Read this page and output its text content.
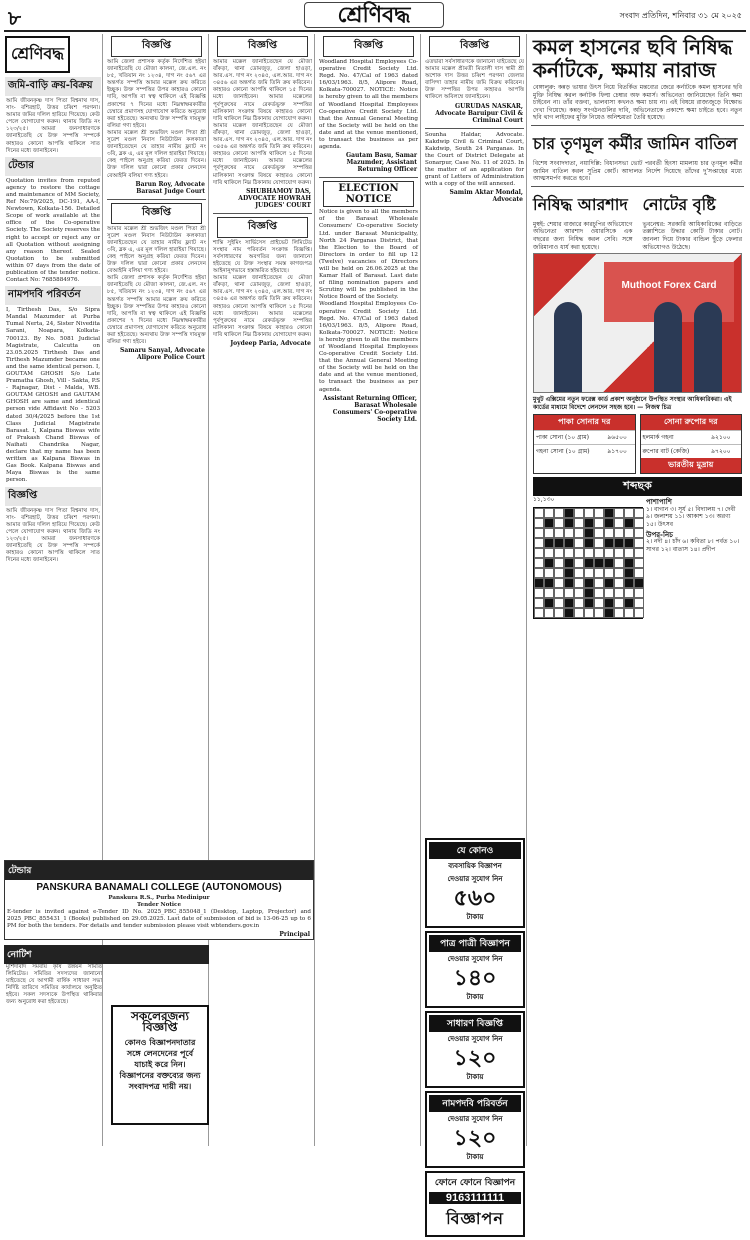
৮	শ্রেণিবদ্ধ	সংবাদ প্রতিদিন, শনিবার ৩১ মে ২০২৫
শ্রেণিবদ্ধ
জমি-বাড়ি ক্রয়-বিক্রয়
আমি জীবনকৃষ্ণ দাস পিতা বিশ্বনাথ দাস, সাং- বশিরহাট, উত্তর চব্বিশ পরগনা। আমার জমির দলিল হারিয়ে গিয়েছে। কেউ পেলে যোগাযোগ করুন। থানায় জিডি নং ১২৩/২৫। আমরা জনসাধারণকে জানাইতেছি যে উক্ত সম্পত্তি সম্পর্কে কাহারও কোনো আপত্তি থাকিলে সাত দিনের মধ্যে জানাইবেন।
টেন্ডার
Quotation invites from reputed agency to restore the cottage and maintenance of MM Society, Ref No:79/2025, DC-191, AA-I, Newtown, Kolkata-156. Detailed Scope of work available at the office of the Co-operative Society. The Society reserves the right to accept or reject any or all Quotation without assigning any reason thereof. Sealed Quotation to be submitted within 07 days from the date of publication of the tender notice. Contact No: 7685884976.
নামপদবি পরিবর্তন
I, Tirthesh Das, S/o Sipra Mandal Mazumder at Purba Tumal Nerta, 24, Sister Nivedita Sarani, Noapara, Kolkata-700123. By No. 5081 Judicial Magistrate, Calcutta on 23.05.2025 Tirthesh Das and Tirthesh Mazumder became one and the same identical person. I, GOUTAM GHOSH S/o Late Pramatha Ghosh, Vill - Sakta, P.S - Rajnagar, Dist - Malda, WB. GOUTAM GHOSH and GAUTAM GHOSH are same and identical person vide Affidavit No - 5203 dated 30/4/2025 before the 1st Class Judicial Magistrate Barasat. I, Kalpana Biswas wife of Prakash Chand Biswas of Naihati Chandrika Nagar, declare that my name has been written as Kalpana Biswas in Gas Book. Kalpana Biswas and Maya Biswas is the same person.
বিজ্ঞপ্তি
আমি জীবনকৃষ্ণ দাস পিতা বিশ্বনাথ দাস, সাং- বশিরহাট, উত্তর চব্বিশ পরগনা। আমার জমির দলিল হারিয়ে গিয়েছে। কেউ পেলে যোগাযোগ করুন। থানায় জিডি নং ১২৩/২৫। আমরা জনসাধারণকে জানাইতেছি যে উক্ত সম্পত্তি সম্পর্কে কাহারও কোনো আপত্তি থাকিলে সাত দিনের মধ্যে জানাইবেন।
বিজ্ঞপ্তি
আমি জেলা প্রশাসক কর্তৃক নির্দেশিত হইয়া জানাইতেছি যে মৌজা কালনা, জে.এল. নং ৮৫, খতিয়ান নং ১২৩৪, দাগ নং ৫৬৭ এর অন্তর্গত সম্পত্তি আমার মক্কেল ক্রয় করিতে ইচ্ছুক। উক্ত সম্পত্তির উপর কাহারও কোনো দাবি, আপত্তি বা স্বত্ব থাকিলে এই বিজ্ঞপ্তি প্রকাশের ৭ দিনের মধ্যে নিম্নস্বাক্ষরকারীর চেম্বারে প্রমাণসহ যোগাযোগ করিতে অনুরোধ করা হইতেছে। অন্যথায় উক্ত সম্পত্তি দায়মুক্ত বলিয়া গণ্য হইবে।
আমার মক্কেল শ্রী শুভজিৎ মণ্ডল পিতা শ্রী সুরেশ মণ্ডল নিবাস নিউটাউন কলকাতা জানাইতেছেন যে তাহার নামীয় ফ্ল্যাট নং ৩বি, ব্লক এ, এর মূল দলিল হারাইয়া গিয়াছে। কেহ পাইলে অনুগ্রহ করিয়া ফেরত দিবেন। উক্ত দলিল দ্বারা কোনো প্রকার লেনদেন বেআইনি বলিয়া গণ্য হইবে।
Barun Roy, Advocate Barasat Judge Court
বিজ্ঞপ্তি
আমার মক্কেল শ্রী শুভজিৎ মণ্ডল পিতা শ্রী সুরেশ মণ্ডল নিবাস নিউটাউন কলকাতা জানাইতেছেন যে তাহার নামীয় ফ্ল্যাট নং ৩বি, ব্লক এ, এর মূল দলিল হারাইয়া গিয়াছে। কেহ পাইলে অনুগ্রহ করিয়া ফেরত দিবেন। উক্ত দলিল দ্বারা কোনো প্রকার লেনদেন বেআইনি বলিয়া গণ্য হইবে।
আমি জেলা প্রশাসক কর্তৃক নির্দেশিত হইয়া জানাইতেছি যে মৌজা কালনা, জে.এল. নং ৮৫, খতিয়ান নং ১২৩৪, দাগ নং ৫৬৭ এর অন্তর্গত সম্পত্তি আমার মক্কেল ক্রয় করিতে ইচ্ছুক। উক্ত সম্পত্তির উপর কাহারও কোনো দাবি, আপত্তি বা স্বত্ব থাকিলে এই বিজ্ঞপ্তি প্রকাশের ৭ দিনের মধ্যে নিম্নস্বাক্ষরকারীর চেম্বারে প্রমাণসহ যোগাযোগ করিতে অনুরোধ করা হইতেছে। অন্যথায় উক্ত সম্পত্তি দায়মুক্ত বলিয়া গণ্য হইবে।
Samaru Sanyal, Advocate Alipore Police Court
বিজ্ঞপ্তি
আমার মক্কেল জানাইতেছেন যে মৌজা বাঁকড়া, থানা ডোমজুড়, জেলা হাওড়া, আর.এস. দাগ নং ২৩৪৫, এল.আর. দাগ নং ৩৪৫৬ এর অন্তর্গত জমি তিনি ক্রয় করিবেন। কাহারও কোনো আপত্তি থাকিলে ১৫ দিনের মধ্যে জানাইবেন। আমার মক্কেলের পূর্বপুরুষের নামে রেকর্ডভুক্ত সম্পত্তির মালিকানা সংক্রান্ত বিষয়ে কাহারও কোনো দাবি থাকিলে নিম্ন ঠিকানায় যোগাযোগ করুন।
আমার মক্কেল জানাইতেছেন যে মৌজা বাঁকড়া, থানা ডোমজুড়, জেলা হাওড়া, আর.এস. দাগ নং ২৩৪৫, এল.আর. দাগ নং ৩৪৫৬ এর অন্তর্গত জমি তিনি ক্রয় করিবেন। কাহারও কোনো আপত্তি থাকিলে ১৫ দিনের মধ্যে জানাইবেন। আমার মক্কেলের পূর্বপুরুষের নামে রেকর্ডভুক্ত সম্পত্তির মালিকানা সংক্রান্ত বিষয়ে কাহারও কোনো দাবি থাকিলে নিম্ন ঠিকানায় যোগাযোগ করুন।
SHUBHAMOY DAS, ADVOCATE HOWRAH JUDGES' COURT
বিজ্ঞপ্তি
শান্তি সুইমিং সার্ভিসেস প্রাইভেট লিমিটেড সংস্থার নাম পরিবর্তন সংক্রান্ত বিজ্ঞপ্তি। সর্বসাধারণের অবগতির জন্য জানানো হইতেছে যে উক্ত সংস্থার সমস্ত কাগজপত্র আইনানুগভাবে হস্তান্তরিত হইয়াছে।
আমার মক্কেল জানাইতেছেন যে মৌজা বাঁকড়া, থানা ডোমজুড়, জেলা হাওড়া, আর.এস. দাগ নং ২৩৪৫, এল.আর. দাগ নং ৩৪৫৬ এর অন্তর্গত জমি তিনি ক্রয় করিবেন। কাহারও কোনো আপত্তি থাকিলে ১৫ দিনের মধ্যে জানাইবেন। আমার মক্কেলের পূর্বপুরুষের নামে রেকর্ডভুক্ত সম্পত্তির মালিকানা সংক্রান্ত বিষয়ে কাহারও কোনো দাবি থাকিলে নিম্ন ঠিকানায় যোগাযোগ করুন।
Joydeep Paria, Advocate
বিজ্ঞপ্তি
Woodland Hospital Employees Co-operative Credit Society Ltd. Regd. No. 47/Cal of 1963 dated 16/03/1963. 8/5, Alipore Road, Kolkata-700027. NOTICE: Notice is hereby given to all the members of Woodland Hospital Employees Co-operative Credit Society Ltd. that the Annual General Meeting of the Society will be held on the date and at the venue mentioned, to transact the business as per agenda.
Gautam Basu, Samar Mazumder, Assistant Returning Officer
ELECTION NOTICE
Notice is given to all the members of the Barasat Wholesale Consumers' Co-operative Society Ltd. under Barasat Municipality, North 24 Parganas District, that the Election to the Board of Directors in order to fill up 12 (Twelve) vacancies of Directors will be held on 26.06.2025 at the Kamar Hall of Barasat. Last date of filing nomination papers and Scrutiny will be published in the Notice Board of the Society.
Woodland Hospital Employees Co-operative Credit Society Ltd. Regd. No. 47/Cal of 1963 dated 16/03/1963. 8/5, Alipore Road, Kolkata-700027. NOTICE: Notice is hereby given to all the members of Woodland Hospital Employees Co-operative Credit Society Ltd. that the Annual General Meeting of the Society will be held on the date and at the venue mentioned, to transact the business as per agenda.
Assistant Returning Officer, Barasat Wholesale Consumers' Co-operative Society Ltd.
বিজ্ঞপ্তি
এতদ্বারা সর্বসাধারণকে জানানো যাইতেছে যে আমার মক্কেল শ্রীমতী মিতালী দাস স্বামী শ্রী অশোক দাস উত্তর চব্বিশ পরগনা জেলার বাসিন্দা তাহার নামীয় জমি বিক্রয় করিবেন। উক্ত সম্পত্তির উপর কাহারও আপত্তি থাকিলে অবিলম্বে জানাইবেন।
GURUDAS NASKAR, Advocate Baruipur Civil & Criminal Court
Sounha Haldar, Advocate. Kakdwip Civil & Criminal Court, Kakdwip, South 24 Parganas. In the Court of District Delegate at Sonarpur, Case No. 11 of 2025. In the matter of an application for grant of Letters of Administration with a copy of the will annexed.
Samim Aktar Mondal, Advocate
কমল হাসনের ছবি নিষিদ্ধ কর্নাটকে, ক্ষমায় নারাজ
বেঙ্গালুরু: কন্নড় ভাষার উৎস নিয়ে বিতর্কিত মন্তব্যের জেরে কর্নাটকে কমল হাসনের ছবি মুক্তি নিষিদ্ধ করল কর্নাটক ফিল্ম চেম্বার অফ কমার্স। অভিনেতা জানিয়েছেন তিনি ক্ষমা চাইবেন না। তাঁর বক্তব্য, ভালবাসা কখনও ক্ষমা চায় না। এই বিষয়ে রাজ্যজুড়ে বিক্ষোভ দেখা গিয়েছে। কন্নড় সংগঠনগুলির দাবি, অভিনেতাকে প্রকাশ্যে ক্ষমা চাইতে হবে। নতুন ছবি থাগ লাইফের মুক্তি নিয়েও অনিশ্চয়তা তৈরি হয়েছে।
চার তৃণমূল কর্মীর জামিন বাতিল
বিশেষ সংবাদদাতা, নয়াদিল্লি: বিধানসভা ভোট পরবর্তী হিংসা মামলায় চার তৃণমূল কর্মীর জামিন বাতিল করল সুপ্রিম কোর্ট। আদালত নির্দেশ দিয়েছে তাঁদের দু'সপ্তাহের মধ্যে আত্মসমর্পণ করতে হবে।
নিষিদ্ধ আরশাদ
মুম্বই: শেয়ার বাজারে কারচুপির অভিযোগে অভিনেতা আরশাদ ওয়ারসিকে এক বছরের জন্য নিষিদ্ধ করল সেবি। সঙ্গে জরিমানাও ধার্য করা হয়েছে।
নোটের বৃষ্টি
ভুবনেশ্বর: সরকারি আধিকারিকের বাড়িতে তল্লাশিতে উদ্ধার কোটি টাকার নোট। জানলা দিয়ে টাকার বান্ডিল ছুঁড়ে ফেলার অভিযোগও উঠেছে।
Muthoot Forex Card
মুথুট এক্সিমের নতুন ফরেক্স কার্ড প্রকাশ অনুষ্ঠানে উপস্থিত সংস্থার আধিকারিকরা। এই কার্ডের মাধ্যমে বিদেশে লেনদেন সহজ হবে। — নিজস্ব চিত্র
পাকা সোনার দর
পাকা সোনা (১০ গ্রাম)	৯৬৫০০
গহনা সোনা (১০ গ্রাম)	৯১৭০০
সোনা রুপোর দর
হলমার্ক গহনা	৯২১০০
রুপোর বাট (কেজি)	৯৭২০০
ভারতীয় মুদ্রায়
শব্দছক
১১,১৩০	পাশাপাশি
১। বাগান ৩। সূর্য ৫। বিদ্যালয় ৭। দেবী ৯। জলাশয় ১১। আকাশ ১৩। অরণ্য ১৫। উৎসব
উপর-নিচ
২। নদী ৪। চাঁদ ৬। কবিতা ৮। পর্বত ১০। সাগর ১২। বাতাস ১৪। প্রদীপ
টেন্ডার
PANSKURA BANAMALI COLLEGE (AUTONOMOUS)
Panskura R.S., Purba Medinipur
Tender Notice
E-tender is invited against e-Tender ID No. 2025_PBC_855048_1 (Desktop, Laptop, Projector) and 2025_PBC_855431_1 (Books) published on 29.05.2025. Last date of submission of bid is 13-06-25 up to 6 PM for both the tenders. For details and tender submission please visit wbtenders.gov.in
Principal
নোটিশ
মুর্শিদাবাদ সমবায় কৃষি উন্নয়ন সমিতি লিমিটেড। সমিতির সদস্যদের জানানো যাইতেছে যে আগামী বার্ষিক সাধারণ সভা নির্দিষ্ট তারিখে সমিতির কার্যালয়ে অনুষ্ঠিত হইবে। সকল সদস্যকে উপস্থিত থাকিবার জন্য অনুরোধ করা হইতেছে।
সকলেরজন্য বিজ্ঞপ্তি
কোনও বিজ্ঞাপনদাতার সঙ্গে লেনদেনের পূর্বে যাচাই করে নিন। বিজ্ঞাপনের বক্তব্যের জন্য সংবাদপত্র দায়ী নয়।
যে কোনও
ব্যবসায়িক বিজ্ঞাপন
দেওয়ার সুযোগ নিন
৫৬০
টাকায়
পাত্র পাত্রী বিজ্ঞাপন
দেওয়ার সুযোগ নিন
১৪০
টাকায়
সাধারণ বিজ্ঞপ্তি
দেওয়ার সুযোগ নিন
১২০
টাকায়
নামপদবি পরিবর্তন
দেওয়ার সুযোগ নিন
১২০
টাকায়
ফোনে ফোনে বিজ্ঞাপন
9163111111
বিজ্ঞাপন
